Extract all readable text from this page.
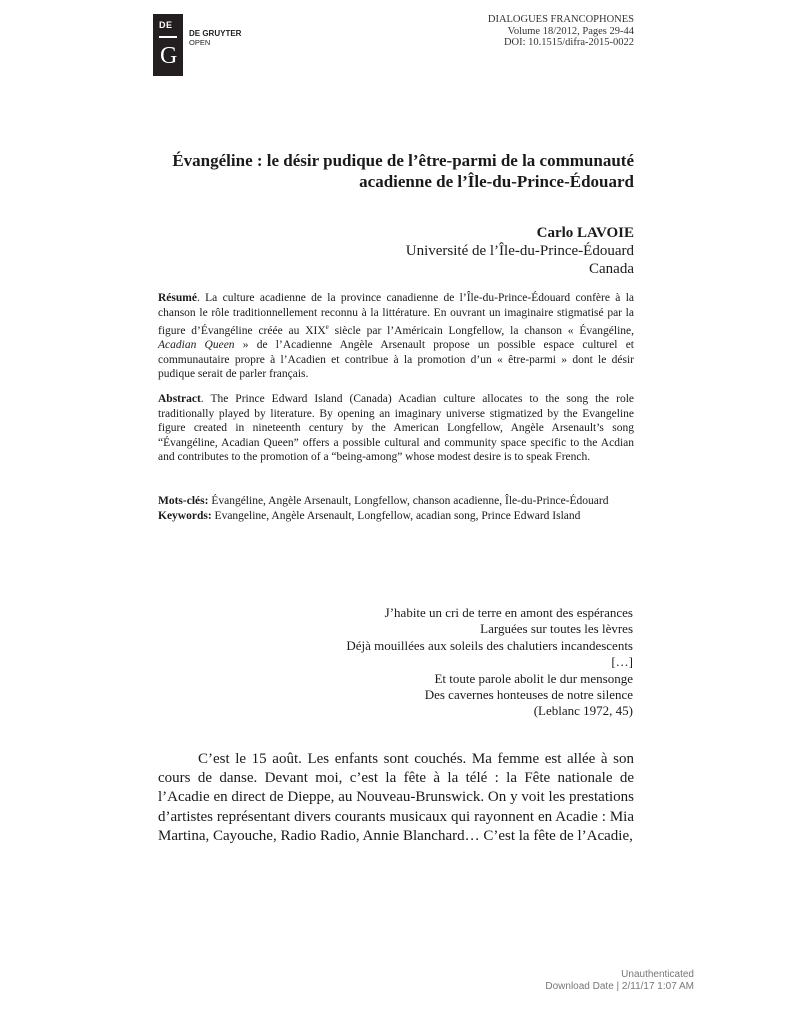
DE
G
DE GRUYTER
OPEN
DIALOGUES FRANCOPHONES
Volume 18/2012, Pages 29-44
DOI: 10.1515/difra-2015-0022
Évangéline : le désir pudique de l’être-parmi de la communauté
acadienne de l’Île-du-Prince-Édouard
Carlo LAVOIE
Université de l’Île-du-Prince-Édouard
Canada
Résumé. La culture acadienne de la province canadienne de l’Île-du-Prince-Édouard confère à la chanson le rôle traditionnellement reconnu à la littérature. En ouvrant un imaginaire stigmatisé par la figure d’Évangéline créée au XIXe siècle par l’Américain Longfellow, la chanson « Évangéline, Acadian Queen » de l’Acadienne Angèle Arsenault propose un possible espace culturel et communautaire propre à l’Acadien et contribue à la promotion d’un « être-parmi » dont le désir pudique serait de parler français.
Abstract. The Prince Edward Island (Canada) Acadian culture allocates to the song the role traditionally played by literature. By opening an imaginary universe stigmatized by the Evangeline figure created in nineteenth century by the American Longfellow, Angèle Arsenault’s song “Évangéline, Acadian Queen” offers a possible cultural and community space specific to the Acdian and contributes to the promotion of a “being-among” whose modest desire is to speak French.
Mots-clés: Évangéline, Angèle Arsenault, Longfellow, chanson acadienne, Île-du-Prince-Édouard
Keywords: Evangeline, Angèle Arsenault, Longfellow, acadian song, Prince Edward Island
J’habite un cri de terre en amont des espérances
Larguées sur toutes les lèvres
Déjà mouillées aux soleils des chalutiers incandescents
[…]
Et toute parole abolit le dur mensonge
Des cavernes honteuses de notre silence
(Leblanc 1972, 45)

C’est le 15 août. Les enfants sont couchés. Ma femme est allée à son cours de danse. Devant moi, c’est la fête à la télé : la Fête nationale de l’Acadie en direct de Dieppe, au Nouveau-Brunswick. On y voit les prestations d’artistes représentant divers courants musicaux qui rayonnent en Acadie : Mia Martina, Cayouche, Radio Radio, Annie Blanchard… C’est la fête de l’Acadie,

Unauthenticated
Download Date | 2/11/17 1:07 AM
